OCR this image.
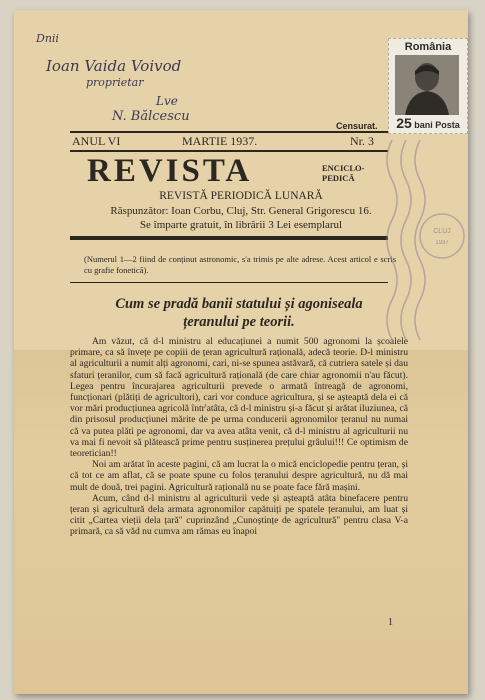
Dnii
Ioan Vaida Voivod
proprietar
Lve
N. Bălcescu
România
25 bani Posta
Censurat.
ANUL VI	MARTIE 1937.	Nr. 3
REVISTA	ENCICLO-
PEDICĂ
REVISTĂ PERIODICĂ LUNARĂ
Răspunzător: Ioan Corbu, Cluj, Str. General Grigorescu 16.
Se împarte gratuit, în librării 3 Lei esemplarul
(Numerul 1—2 fiind de conținut astronomic, s'a trimis pe alte adrese. Acest articol e scris cu grafie fonetică).
Cum se pradă banii statului și agoniseala
țeranului pe teorii.

Am văzut, că d-l ministru al educațiunei a numit 500 agronomi la școalele primare, ca să învețe pe copiii de țeran agricultură rațională, adecă teorie. D-l ministru al agriculturii a numit alți agronomi, cari, ni-se spunea astăvară, că cutriera satele și dau sfaturi țeranilor, cum să facă agricultură rațională (de care chiar agronomii n'au făcut). Legea pentru încurajarea agriculturii prevede o armată întreagă de agronomi, funcționari (plătiți de agricultori), cari vor conduce agricultura, și se așteaptă dela ei că vor mări producțiunea agricolă într'atâta, că d-l ministru și-a făcut și arătat iluziunea, că din prisosul producțiunei mărite de pe urma conducerii agronomilor țeranul nu numai că va putea plăti pe agronomi, dar va avea atâta venit, că d-l ministru al agriculturii nu va mai fi nevoit să plătească prime pentru susținerea prețului grâului!!! Ce optimism de teoretician!!

Noi am arătat în aceste pagini, că am lucrat la o mică enciclopedie pentru țeran, și că tot ce am aflat, că se poate spune cu folos țeranului despre agricultură, nu dă mai mult de două, trei pagini. Agricultură rațională nu se poate face fără mașini.

Acum, când d-l ministru al agriculturii vede și așteaptă atâta binefacere pentru țeran și agricultură dela armata agronomilor capătuiți pe spatele țeranului, am luat și citit „Cartea vieții dela țară" cuprinzând „Cunoștințe de agricultură" pentru clasa V-a primară, ca să văd nu cumva am rămas eu înapoi

1
CLUJ
1937
